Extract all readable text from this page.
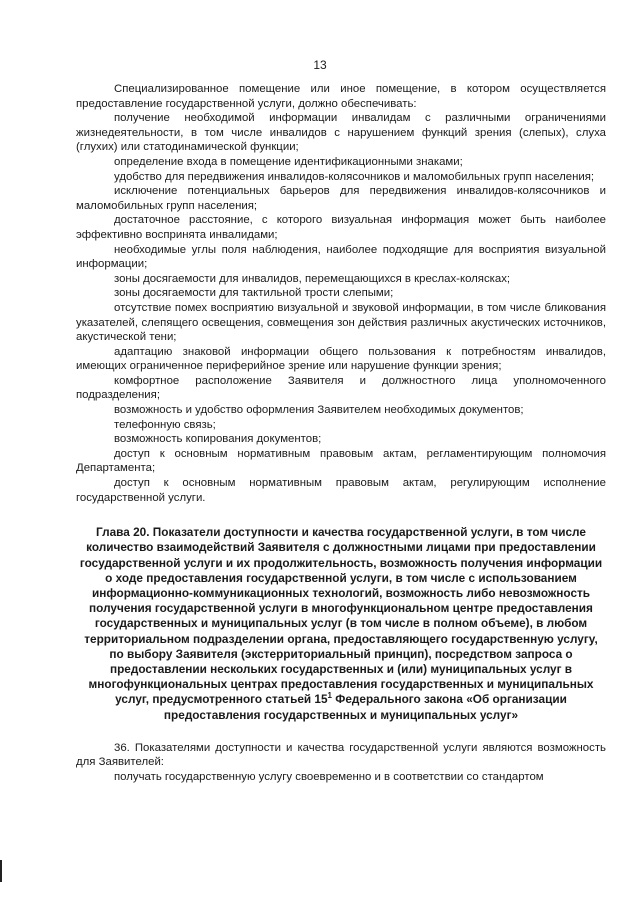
13

Специализированное помещение или иное помещение, в котором осуществляется предоставление государственной услуги, должно обеспечивать:

получение необходимой информации инвалидам с различными ограничениями жизнедеятельности, в том числе инвалидов с нарушением функций зрения (слепых), слуха (глухих) или статодинамической функции;

определение входа в помещение идентификационными знаками;

удобство для передвижения инвалидов-колясочников и маломобильных групп населения;

исключение потенциальных барьеров для передвижения инвалидов-колясочников и маломобильных групп населения;

достаточное расстояние, с которого визуальная информация может быть наиболее эффективно воспринята инвалидами;

необходимые углы поля наблюдения, наиболее подходящие для восприятия визуальной информации;

зоны досягаемости для инвалидов, перемещающихся в креслах-колясках;

зоны досягаемости для тактильной трости слепыми;

отсутствие помех восприятию визуальной и звуковой информации, в том числе бликования указателей, слепящего освещения, совмещения зон действия различных акустических источников, акустической тени;

адаптацию знаковой информации общего пользования к потребностям инвалидов, имеющих ограниченное периферийное зрение или нарушение функции зрения;

комфортное расположение Заявителя и должностного лица уполномоченного подразделения;

возможность и удобство оформления Заявителем необходимых документов;

телефонную связь;

возможность копирования документов;

доступ к основным нормативным правовым актам, регламентирующим полномочия Департамента;

доступ к основным нормативным правовым актам, регулирующим исполнение государственной услуги.

Глава 20. Показатели доступности и качества государственной услуги, в том числе количество взаимодействий Заявителя с должностными лицами при предоставлении государственной услуги и их продолжительность, возможность получения информации о ходе предоставления государственной услуги, в том числе с использованием информационно-коммуникационных технологий, возможность либо невозможность получения государственной услуги в многофункциональном центре предоставления государственных и муниципальных услуг (в том числе в полном объеме), в любом территориальном подразделении органа, предоставляющего государственную услугу, по выбору Заявителя (экстерриториальный принцип), посредством запроса о предоставлении нескольких государственных и (или) муниципальных услуг в многофункциональных центрах предоставления государственных и муниципальных услуг, предусмотренного статьей $15^1$ Федерального закона «Об организации предоставления государственных и муниципальных услуг»

36. Показателями доступности и качества государственной услуги являются возможность для Заявителей:

получать государственную услугу своевременно и в соответствии со стандартом
